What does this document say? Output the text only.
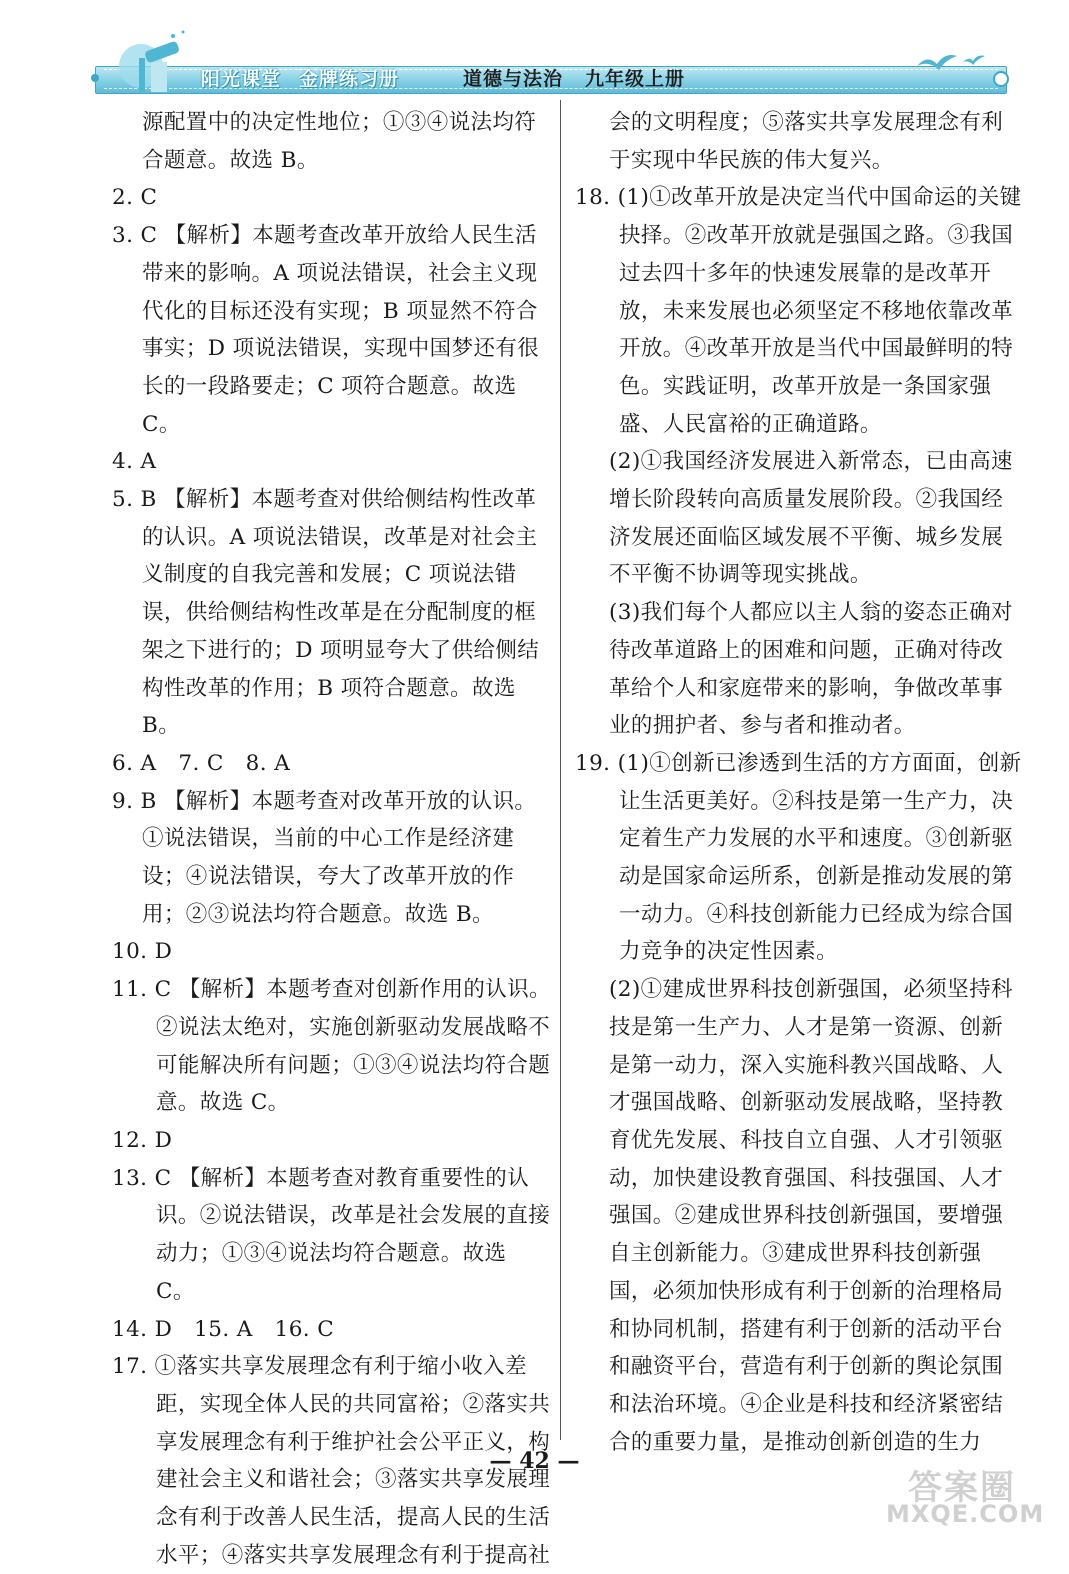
阳光课堂 金牌练习册	道德与法治 九年级上册

源配置中的决定性地位；①③④说法均符合题意。故选 B。

2. C

3. C 【解析】本题考查改革开放给人民生活带来的影响。A 项说法错误，社会主义现代化的目标还没有实现；B 项显然不符合事实；D 项说法错误，实现中国梦还有很长的一段路要走；C 项符合题意。故选 C。

4. A

5. B 【解析】本题考查对供给侧结构性改革的认识。A 项说法错误，改革是对社会主义制度的自我完善和发展；C 项说法错误，供给侧结构性改革是在分配制度的框架之下进行的；D 项明显夸大了供给侧结构性改革的作用；B 项符合题意。故选 B。

6. A　7. C　8. A

9. B 【解析】本题考查对改革开放的认识。①说法错误，当前的中心工作是经济建设；④说法错误，夸大了改革开放的作用；②③说法均符合题意。故选 B。

10. D

11. C 【解析】本题考查对创新作用的认识。②说法太绝对，实施创新驱动发展战略不可能解决所有问题；①③④说法均符合题意。故选 C。

12. D

13. C 【解析】本题考查对教育重要性的认识。②说法错误，改革是社会发展的直接动力；①③④说法均符合题意。故选 C。

14. D　15. A　16. C

17. ①落实共享发展理念有利于缩小收入差距，实现全体人民的共同富裕；②落实共享发展理念有利于维护社会公平正义，构建社会主义和谐社会；③落实共享发展理念有利于改善人民生活，提高人民的生活水平；④落实共享发展理念有利于提高社

会的文明程度；⑤落实共享发展理念有利于实现中华民族的伟大复兴。

18. (1)①改革开放是决定当代中国命运的关键抉择。②改革开放就是强国之路。③我国过去四十多年的快速发展靠的是改革开放，未来发展也必须坚定不移地依靠改革开放。④改革开放是当代中国最鲜明的特色。实践证明，改革开放是一条国家强盛、人民富裕的正确道路。

(2)①我国经济发展进入新常态，已由高速增长阶段转向高质量发展阶段。②我国经济发展还面临区域发展不平衡、城乡发展不平衡不协调等现实挑战。

(3)我们每个人都应以主人翁的姿态正确对待改革道路上的困难和问题，正确对待改革给个人和家庭带来的影响，争做改革事业的拥护者、参与者和推动者。

19. (1)①创新已渗透到生活的方方面面，创新让生活更美好。②科技是第一生产力，决定着生产力发展的水平和速度。③创新驱动是国家命运所系，创新是推动发展的第一动力。④科技创新能力已经成为综合国力竞争的决定性因素。

(2)①建成世界科技创新强国，必须坚持科技是第一生产力、人才是第一资源、创新是第一动力，深入实施科教兴国战略、人才强国战略、创新驱动发展战略，坚持教育优先发展、科技自立自强、人才引领驱动，加快建设教育强国、科技强国、人才强国。②建成世界科技创新强国，要增强自主创新能力。③建成世界科技创新强国，必须加快形成有利于创新的治理格局和协同机制，搭建有利于创新的活动平台和融资平台，营造有利于创新的舆论氛围和法治环境。④企业是科技和经济紧密结合的重要力量，是推动创新创造的生力

— 42 —
答案圈
MXQE.COM
